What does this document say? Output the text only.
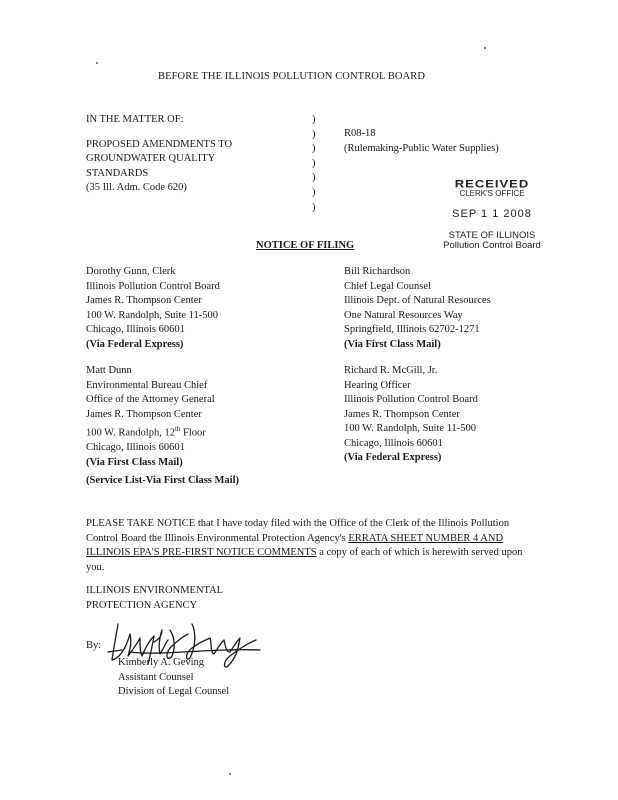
BEFORE THE ILLINOIS POLLUTION CONTROL BOARD
IN THE MATTER OF:
PROPOSED AMENDMENTS TO
GROUNDWATER QUALITY
STANDARDS
(35 Ill. Adm. Code 620)
)
)
)
)
)
)
)
R08-18
(Rulemaking-Public Water Supplies)
RECEIVED
CLERK'S OFFICE
SEP 1 1 2008
STATE OF ILLINOIS
Pollution Control Board
NOTICE OF FILING
Dorothy Gunn, Clerk
Illinois Pollution Control Board
James R. Thompson Center
100 W. Randolph, Suite 11-500
Chicago, Illinois 60601
(Via Federal Express)
Bill Richardson
Chief Legal Counsel
Illinois Dept. of Natural Resources
One Natural Resources Way
Springfield, Illinois 62702-1271
(Via First Class Mail)
Matt Dunn
Environmental Bureau Chief
Office of the Attorney General
James R. Thompson Center
100 W. Randolph, 12th Floor
Chicago, Illinois 60601
(Via First Class Mail)
Richard R. McGill, Jr.
Hearing Officer
Illinois Pollution Control Board
James R. Thompson Center
100 W. Randolph, Suite 11-500
Chicago, Illinois 60601
(Via Federal Express)
(Service List-Via First Class Mail)
PLEASE TAKE NOTICE that I have today filed with the Office of the Clerk of the Illinois Pollution Control Board the Illinois Environmental Protection Agency's ERRATA SHEET NUMBER 4 AND ILLINOIS EPA'S PRE-FIRST NOTICE COMMENTS a copy of each of which is herewith served upon you.
ILLINOIS ENVIRONMENTAL
PROTECTION AGENCY
By:
Kimberly A. Geving
Assistant Counsel
Division of Legal Counsel
